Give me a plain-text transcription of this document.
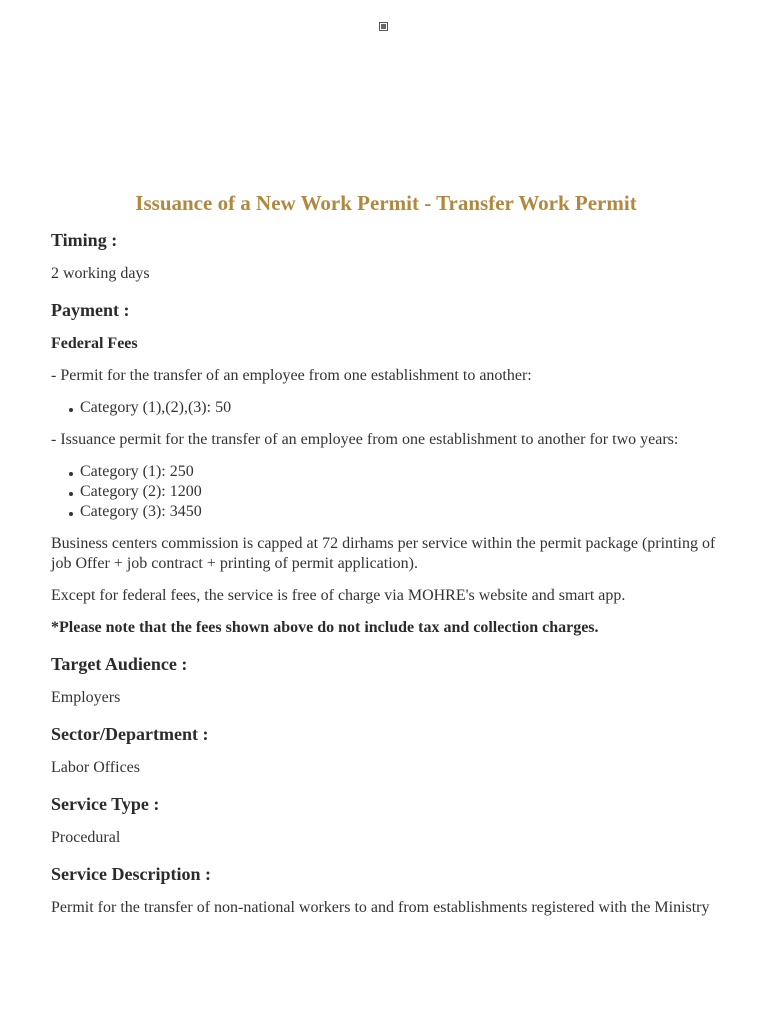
Issuance of a New Work Permit - Transfer Work Permit
Timing :
2 working days
Payment :
Federal Fees
- Permit for the transfer of an employee from one establishment to another:
Category (1),(2),(3): 50
- Issuance permit for the transfer of an employee from one establishment to another for two years:
Category (1): 250
Category (2): 1200
Category (3): 3450
Business centers commission is capped at 72 dirhams per service within the permit package (printing of job Offer + job contract + printing of permit application).
Except for federal fees, the service is free of charge via MOHRE's website and smart app.
*Please note that the fees shown above do not include tax and collection charges.
Target Audience :
Employers
Sector/Department :
Labor Offices
Service Type :
Procedural
Service Description :
Permit for the transfer of non-national workers to and from establishments registered with the Ministry
